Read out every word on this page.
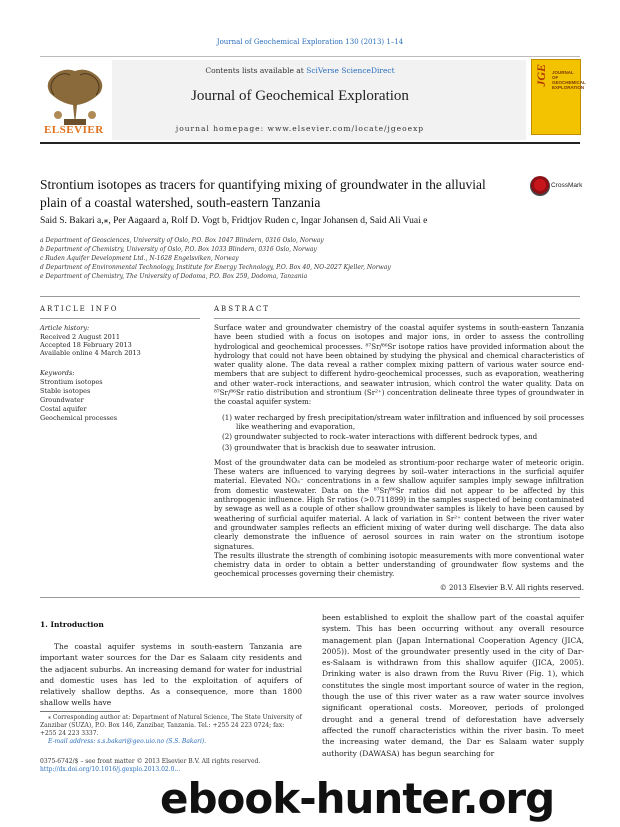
Journal of Geochemical Exploration 130 (2013) 1–14
ELSEVIER
Contents lists available at SciVerse ScienceDirect
Journal of Geochemical Exploration
journal homepage: www.elsevier.com/locate/jgeoexp
JGE JOURNAL OF GEOCHEMICAL EXPLORATION
Strontium isotopes as tracers for quantifying mixing of groundwater in the alluvial plain of a coastal watershed, south-eastern Tanzania
CrossMark
Said S. Bakari a,⁎, Per Aagaard a, Rolf D. Vogt b, Fridtjov Ruden c, Ingar Johansen d, Said Ali Vuai e
a Department of Geosciences, University of Oslo, P.O. Box 1047 Blindern, 0316 Oslo, Norway
b Department of Chemistry, University of Oslo, P.O. Box 1033 Blindern, 0316 Oslo, Norway
c Ruden Aquifer Development Ltd., N-1628 Engelsviken, Norway
d Department of Environmental Technology, Institute for Energy Technology, P.O. Box 40, NO-2027 Kjeller, Norway
e Department of Chemistry, The University of Dodoma, P.O. Box 259, Dodoma, Tanzania
ARTICLE INFO
Article history:
Received 2 August 2011
Accepted 18 February 2013
Available online 4 March 2013
Keywords:
Strontium isotopes
Stable isotopes
Groundwater
Costal aquifer
Geochemical processes
ABSTRACT

Surface water and groundwater chemistry of the coastal aquifer systems in south-eastern Tanzania have been studied with a focus on isotopes and major ions, in order to assess the controlling hydrological and geochemical processes. ⁸⁷Sr/⁸⁶Sr isotope ratios have provided information about the hydrology that could not have been obtained by studying the physical and chemical characteristics of water quality alone. The data reveal a rather complex mixing pattern of various water source end-members that are subject to different hydro-geochemical processes, such as evaporation, weathering and other water–rock interactions, and seawater intrusion, which control the water quality. Data on ⁸⁷Sr/⁸⁶Sr ratio distribution and strontium (Sr²⁺) concentration delineate three types of groundwater in the coastal aquifer system:

(1) water recharged by fresh precipitation/stream water infiltration and influenced by soil processes like weathering and evaporation,
(2) groundwater subjected to rock–water interactions with different bedrock types, and
(3) groundwater that is brackish due to seawater intrusion.

Most of the groundwater data can be modeled as strontium-poor recharge water of meteoric origin. These waters are influenced to varying degrees by soil–water interactions in the surficial aquifer material. Elevated NO₃⁻ concentrations in a few shallow aquifer samples imply sewage infiltration from domestic wastewater. Data on the ⁸⁷Sr/⁸⁶Sr ratios did not appear to be affected by this anthropogenic influence. High Sr ratios (>0.711899) in the samples suspected of being contaminated by sewage as well as a couple of other shallow groundwater samples is likely to have been caused by weathering of surficial aquifer material. A lack of variation in Sr²⁺ content between the river water and groundwater samples reflects an efficient mixing of water during well discharge. The data also clearly demonstrate the influence of aerosol sources in rain water on the strontium isotope signatures.

The results illustrate the strength of combining isotopic measurements with more conventional water chemistry data in order to obtain a better understanding of groundwater flow systems and the geochemical processes governing their chemistry.

© 2013 Elsevier B.V. All rights reserved.
1. Introduction
The coastal aquifer systems in south-eastern Tanzania are important water sources for the Dar es Salaam city residents and the adjacent suburbs. An increasing demand for water for industrial and domestic uses has led to the exploitation of aquifers of relatively shallow depths. As a consequence, more than 1800 shallow wells have
been established to exploit the shallow part of the coastal aquifer system. This has been occurring without any overall resource management plan (Japan International Cooperation Agency (JICA, 2005)). Most of the groundwater presently used in the city of Dar-es-Salaam is withdrawn from this shallow aquifer (JICA, 2005). Drinking water is also drawn from the Ruvu River (Fig. 1), which constitutes the single most important source of water in the region, though the use of this river water as a raw water source involves significant operational costs. Moreover, periods of prolonged drought and a general trend of deforestation have adversely affected the runoff characteristics within the river basin. To meet the increasing water demand, the Dar es Salaam water supply authority (DAWASA) has begun searching for
⁎ Corresponding author at: Department of Natural Science, The State University of Zanzibar (SUZA), P.O. Box 146, Zanzibar, Tanzania. Tel.: +255 24 223 0724; fax: +255 24 223 3337.
E-mail address: s.s.bakari@geo.uio.no (S.S. Bakari).
0375-6742/$ – see front matter © 2013 Elsevier B.V. All rights reserved.
http://dx.doi.org/10.1016/j.gexplo.2013.02.0...
ebook-hunter.org
